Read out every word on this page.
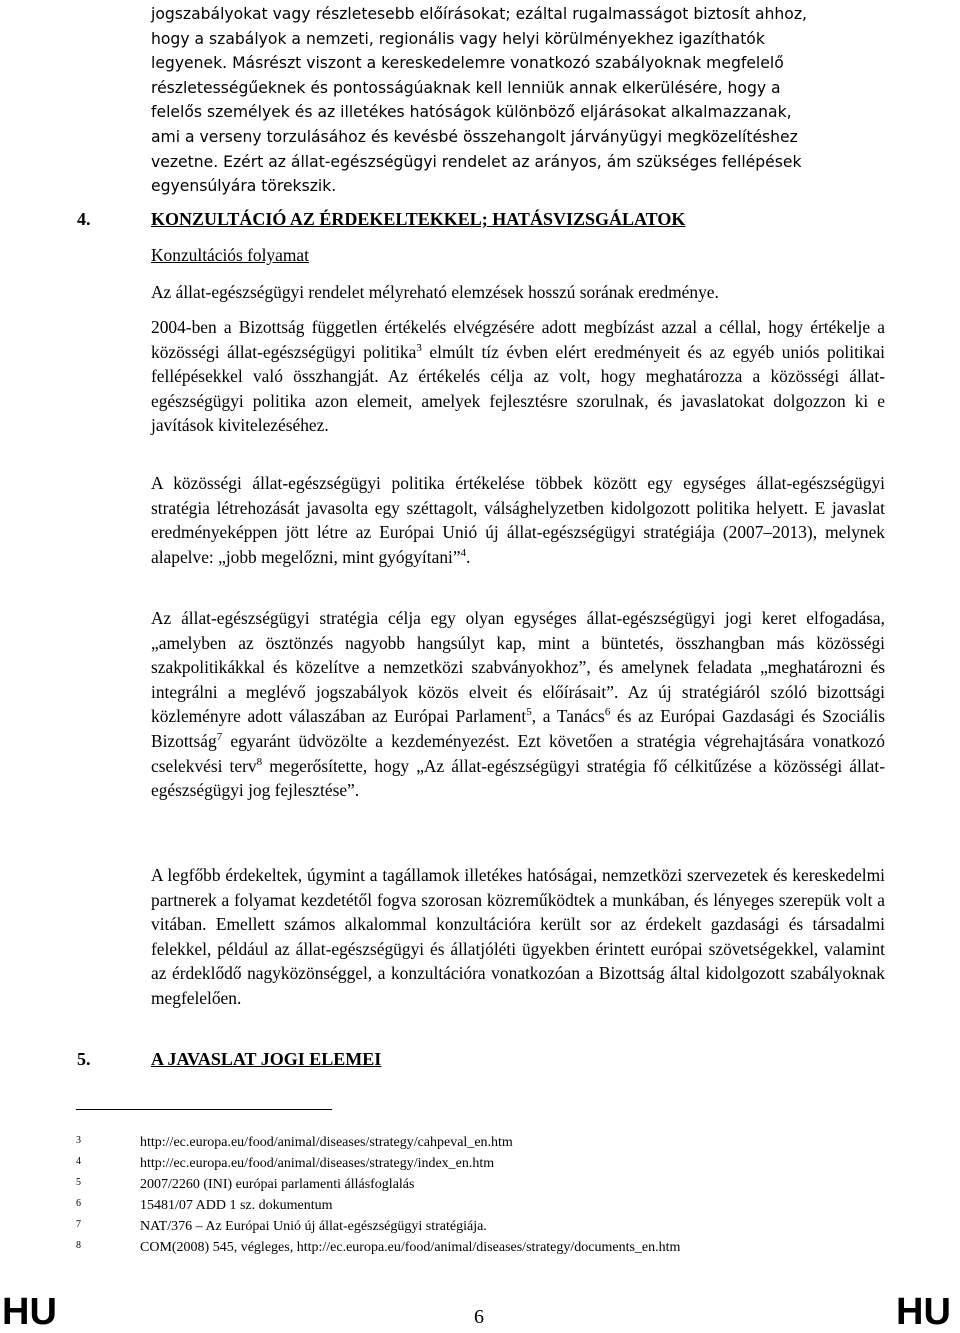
jogszabályokat vagy részletesebb előírásokat; ezáltal rugalmasságot biztosít ahhoz,
hogy a szabályok a nemzeti, regionális vagy helyi körülményekhez igazíthatók
legyenek. Másrészt viszont a kereskedelemre vonatkozó szabályoknak megfelelő
részletességűeknek és pontosságúaknak kell lenniük annak elkerülésére, hogy a
felelős személyek és az illetékes hatóságok különböző eljárásokat alkalmazzanak,
ami a verseny torzulásához és kevésbé összehangolt járványügyi megközelítéshez
vezetne. Ezért az állat-egészségügyi rendelet az arányos, ám szükséges fellépések
egyensúlyára törekszik.
4.	KONZULTÁCIÓ AZ ÉRDEKELTEKKEL; HATÁSVIZSGÁLATOK
Konzultációs folyamat
Az állat-egészségügyi rendelet mélyreható elemzések hosszú sorának eredménye.
2004-ben a Bizottság független értékelés elvégzésére adott megbízást azzal a céllal, hogy értékelje a közösségi állat-egészségügyi politika$^3$ elmúlt tíz évben elért eredményeit és az egyéb uniós politikai fellépésekkel való összhangját. Az értékelés célja az volt, hogy meghatározza a közösségi állat-egészségügyi politika azon elemeit, amelyek fejlesztésre szorulnak, és javaslatokat dolgozzon ki e javítások kivitelezéséhez.
A közösségi állat-egészségügyi politika értékelése többek között egy egységes állat-egészségügyi stratégia létrehozását javasolta egy széttagolt, válsághelyzetben kidolgozott politika helyett. E javaslat eredményeképpen jött létre az Európai Unió új állat-egészségügyi stratégiája (2007–2013), melynek alapelve: „jobb megelőzni, mint gyógyítani”$^4$.
Az állat-egészségügyi stratégia célja egy olyan egységes állat-egészségügyi jogi keret elfogadása, „amelyben az ösztönzés nagyobb hangsúlyt kap, mint a büntetés, összhangban más közösségi szakpolitikákkal és közelítve a nemzetközi szabványokhoz”, és amelynek feladata „meghatározni és integrálni a meglévő jogszabályok közös elveit és előírásait”. Az új stratégiáról szóló bizottsági közleményre adott válaszában az Európai Parlament$^5$, a Tanács$^6$ és az Európai Gazdasági és Szociális Bizottság$^7$ egyaránt üdvözölte a kezdeményezést. Ezt követően a stratégia végrehajtására vonatkozó cselekvési terv$^8$ megerősítette, hogy „Az állat-egészségügyi stratégia fő célkitűzése a közösségi állat-egészségügyi jog fejlesztése”.
A legfőbb érdekeltek, úgymint a tagállamok illetékes hatóságai, nemzetközi szervezetek és kereskedelmi partnerek a folyamat kezdetétől fogva szorosan közreműködtek a munkában, és lényeges szerepük volt a vitában. Emellett számos alkalommal konzultációra került sor az érdekelt gazdasági és társadalmi felekkel, például az állat-egészségügyi és állatjóléti ügyekben érintett európai szövetségekkel, valamint az érdeklődő nagyközönséggel, a konzultációra vonatkozóan a Bizottság által kidolgozott szabályoknak megfelelően.
5.	A JAVASLAT JOGI ELEMEI
3	http://ec.europa.eu/food/animal/diseases/strategy/cahpeval_en.htm
4	http://ec.europa.eu/food/animal/diseases/strategy/index_en.htm
5	2007/2260 (INI) európai parlamenti állásfoglalás
6	15481/07 ADD 1 sz. dokumentum
7	NAT/376 – Az Európai Unió új állat-egészségügyi stratégiája.
8	COM(2008) 545, végleges, http://ec.europa.eu/food/animal/diseases/strategy/documents_en.htm
HU	6	HU
